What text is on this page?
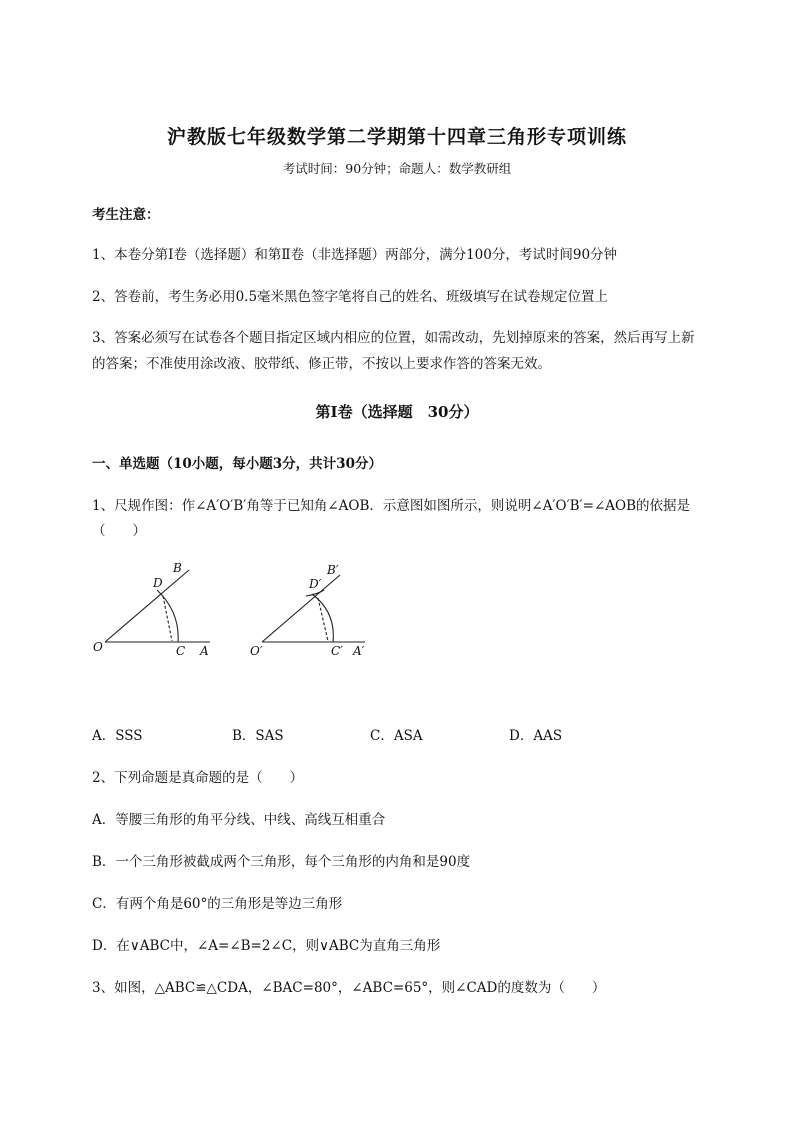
沪教版七年级数学第二学期第十四章三角形专项训练
考试时间：90分钟；命题人：数学教研组
考生注意：
1、本卷分第Ⅰ卷（选择题）和第Ⅱ卷（非选择题）两部分，满分100分，考试时间90分钟
2、答卷前，考生务必用0.5毫米黑色签字笔将自己的姓名、班级填写在试卷规定位置上
3、答案必须写在试卷各个题目指定区域内相应的位置，如需改动，先划掉原来的答案，然后再写上新
的答案；不准使用涂改液、胶带纸、修正带，不按以上要求作答的答案无效。
第Ⅰ卷（选择题　30分）
一、单选题（10小题，每小题3分，共计30分）
1、尺规作图：作∠A′O′B′角等于已知角∠AOB．示意图如图所示，则说明∠A′O′B′=∠AOB的依据是
（　　）
O	A
B
C
D
O′	A′
B′
C′
D′
A．SSS	B．SAS	C．ASA	D．AAS
2、下列命题是真命题的是（　　）
A．等腰三角形的角平分线、中线、高线互相重合
B．一个三角形被截成两个三角形，每个三角形的内角和是90度
C．有两个角是60°的三角形是等边三角形
D．在∨ABC中，∠A=∠B=2∠C，则∨ABC为直角三角形
3、如图，△ABC≌△CDA，∠BAC=80°，∠ABC=65°，则∠CAD的度数为（　　）
